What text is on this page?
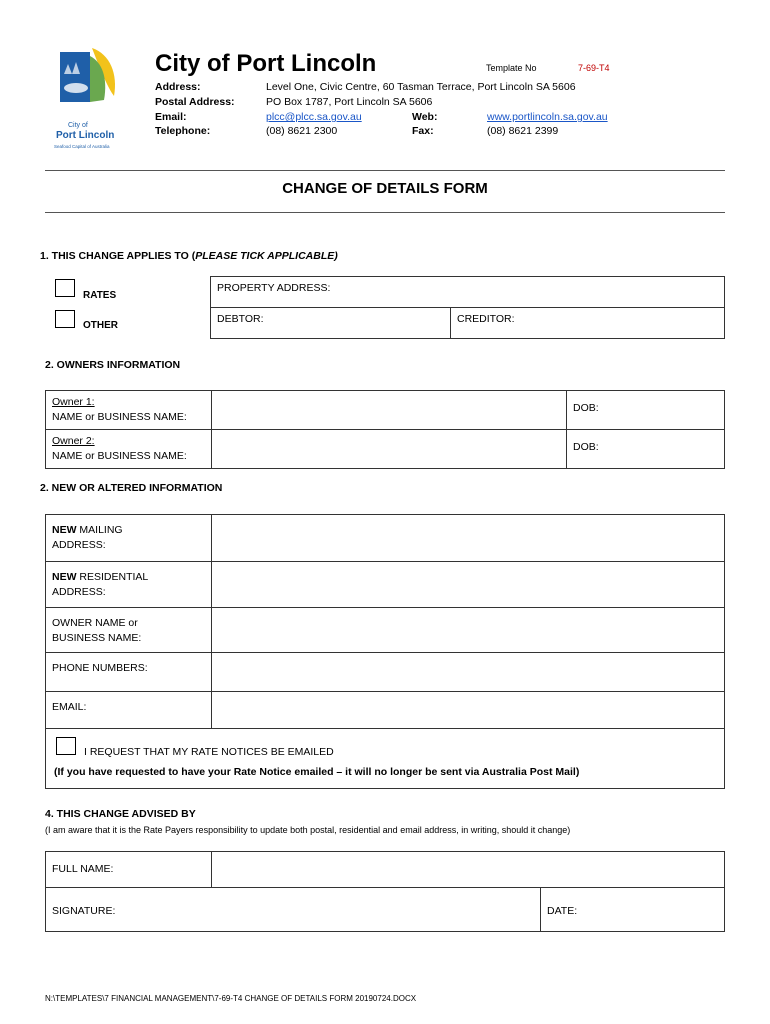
City of
Port Lincoln
Seafood Capital of Australia
City of Port Lincoln	Template No	7-69-T4
Address:	Level One, Civic Centre, 60 Tasman Terrace, Port Lincoln SA 5606
Postal Address:	PO Box 1787, Port Lincoln SA 5606
Email:	plcc@plcc.sa.gov.au	Web:	www.portlincoln.sa.gov.au
Telephone:	(08) 8621 2300	Fax:	(08) 8621 2399
CHANGE OF DETAILS FORM
1. THIS CHANGE APPLIES TO (PLEASE TICK APPLICABLE)
RATES
OTHER
PROPERTY ADDRESS:
DEBTOR:	CREDITOR:
2. OWNERS INFORMATION
Owner 1:
NAME or BUSINESS NAME:		DOB:
Owner 2:
NAME or BUSINESS NAME:		DOB:
2. NEW OR ALTERED INFORMATION
NEW MAILING
ADDRESS:	
NEW RESIDENTIAL
ADDRESS:	
OWNER NAME or
BUSINESS NAME:	
PHONE NUMBERS:	
EMAIL:	

I REQUEST THAT MY RATE NOTICES BE EMAILED
(If you have requested to have your Rate Notice emailed – it will no longer be sent via Australia Post Mail)	
4. THIS CHANGE ADVISED BY
(I am aware that it is the Rate Payers responsibility to update both postal, residential and email address, in writing, should it change)
FULL NAME:		
SIGNATURE:		DATE:
N:\TEMPLATES\7 FINANCIAL MANAGEMENT\7-69-T4 CHANGE OF DETAILS FORM 20190724.DOCX
